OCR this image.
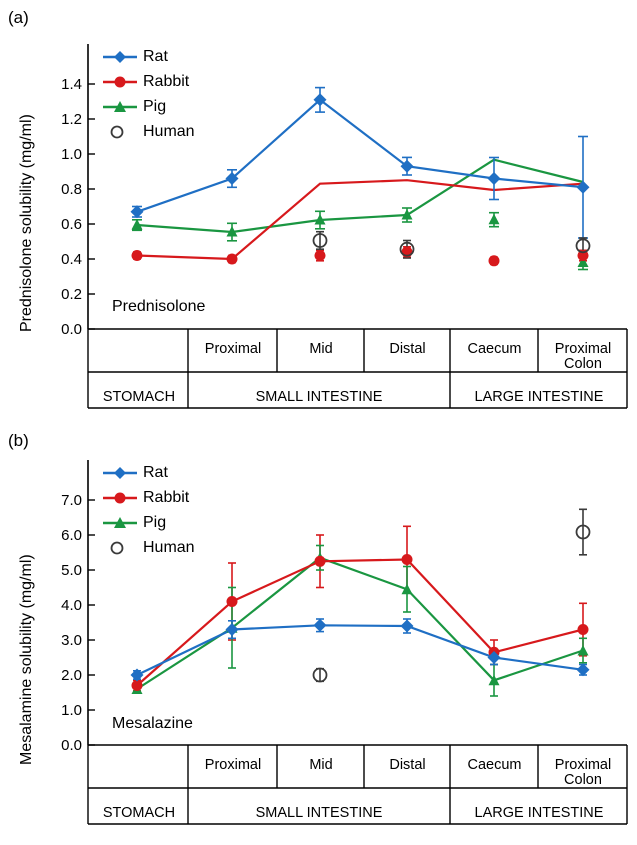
(a)
Prednisolone solubility (mg/ml) 0.0
0.2
0.4
0.6
0.8
1.0
1.2
1.4
Rat
Rabbit
Pig
Human
Prednisolone
Proximal	Mid	Distal	Caecum	Proximal Colon
STOMACH	SMALL INTESTINE	LARGE INTESTINE
(b)
Mesalamine solubility (mg/ml) 0.0
1.0
2.0
3.0
4.0
5.0
6.0
7.0
Rat
Rabbit
Pig
Human
Mesalazine
Proximal	Mid	Distal	Caecum	Proximal Colon
STOMACH	SMALL INTESTINE	LARGE INTESTINE
